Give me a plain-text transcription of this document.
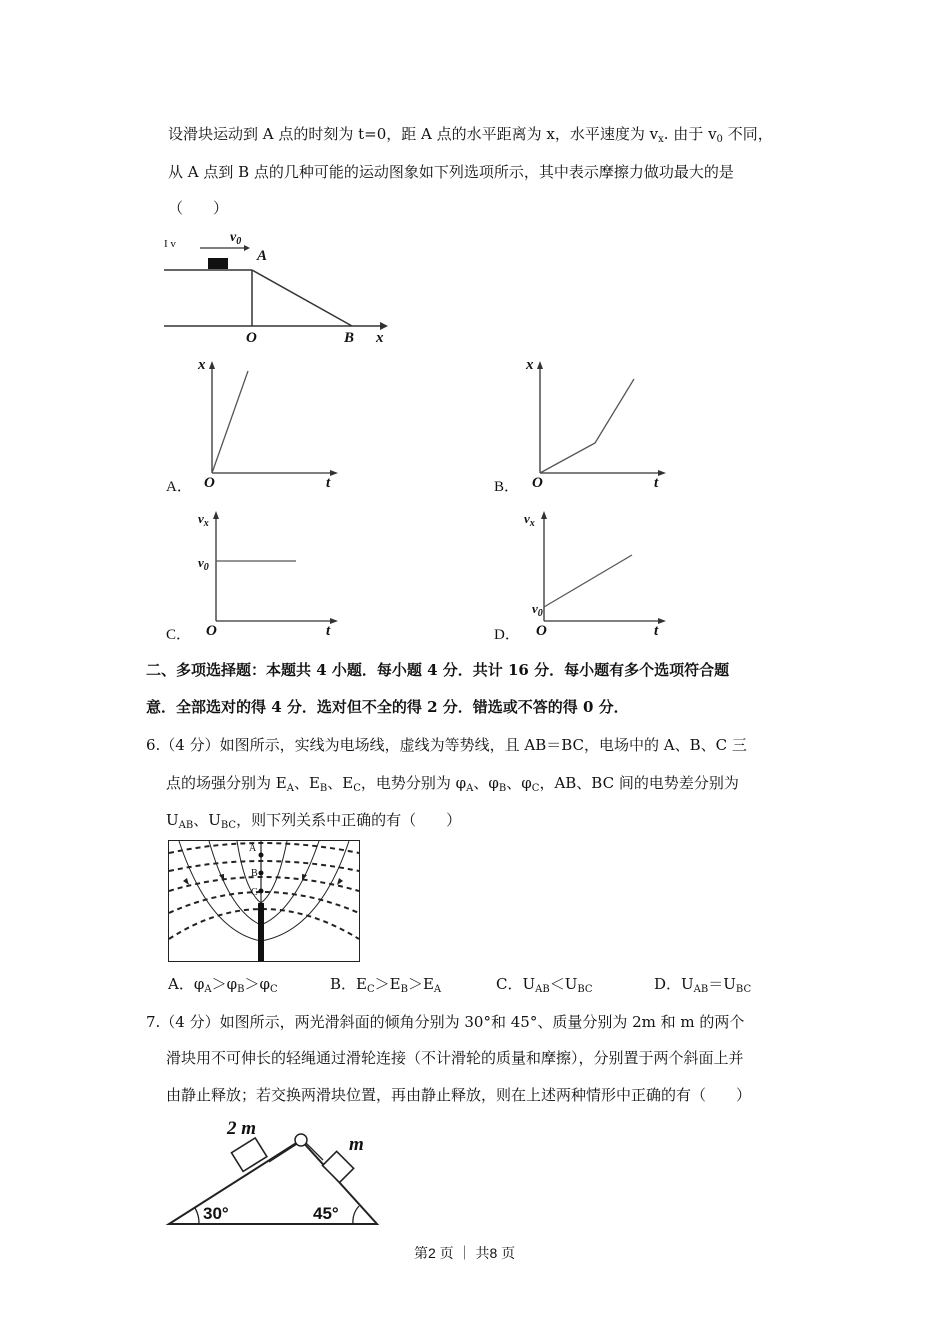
设滑块运动到 A 点的时刻为 t=0，距 A 点的水平距离为 x，水平速度为 $v_x$. 由于 $v_0$ 不同，
从 A 点到 B 点的几种可能的运动图象如下列选项所示，其中表示摩擦力做功最大的是
（　　）
I v	$v_0$
A
O	B x
x
t
O
A．
x
t
O
B．
$v_x$
$v_0$
t
O
C．
$v_x$
$v_0$
t
O
D．
二、多项选择题：本题共 4 小题．每小题 4 分．共计 16 分．每小题有多个选项符合题
意．全部选对的得 4 分．选对但不全的得 2 分．错选或不答的得 0 分．
6.（4 分）如图所示，实线为电场线，虚线为等势线，且 AB＝BC，电场中的 A、B、C 三
点的场强分别为 $E_A$、$E_B$、$E_C$，电势分别为 $\varphi_A$、$\varphi_B$、$\varphi_C$，AB、BC 间的电势差分别为
$U_{AB}$、$U_{BC}$，则下列关系中正确的有（　　）
A
B
C
A．$\varphi_A>\varphi_B>\varphi_C$	B．$E_C>E_B>E_A$	C．$U_{AB}<U_{BC}$	D．$U_{AB}=U_{BC}$
7.（4 分）如图所示，两光滑斜面的倾角分别为 30°和 45°、质量分别为 2m 和 m 的两个
滑块用不可伸长的轻绳通过滑轮连接（不计滑轮的质量和摩擦），分别置于两个斜面上并
由静止释放；若交换两滑块位置，再由静止释放，则在上述两种情形中正确的有（　　）
2 m
m
30°	45°
第2 页 ｜ 共8 页
